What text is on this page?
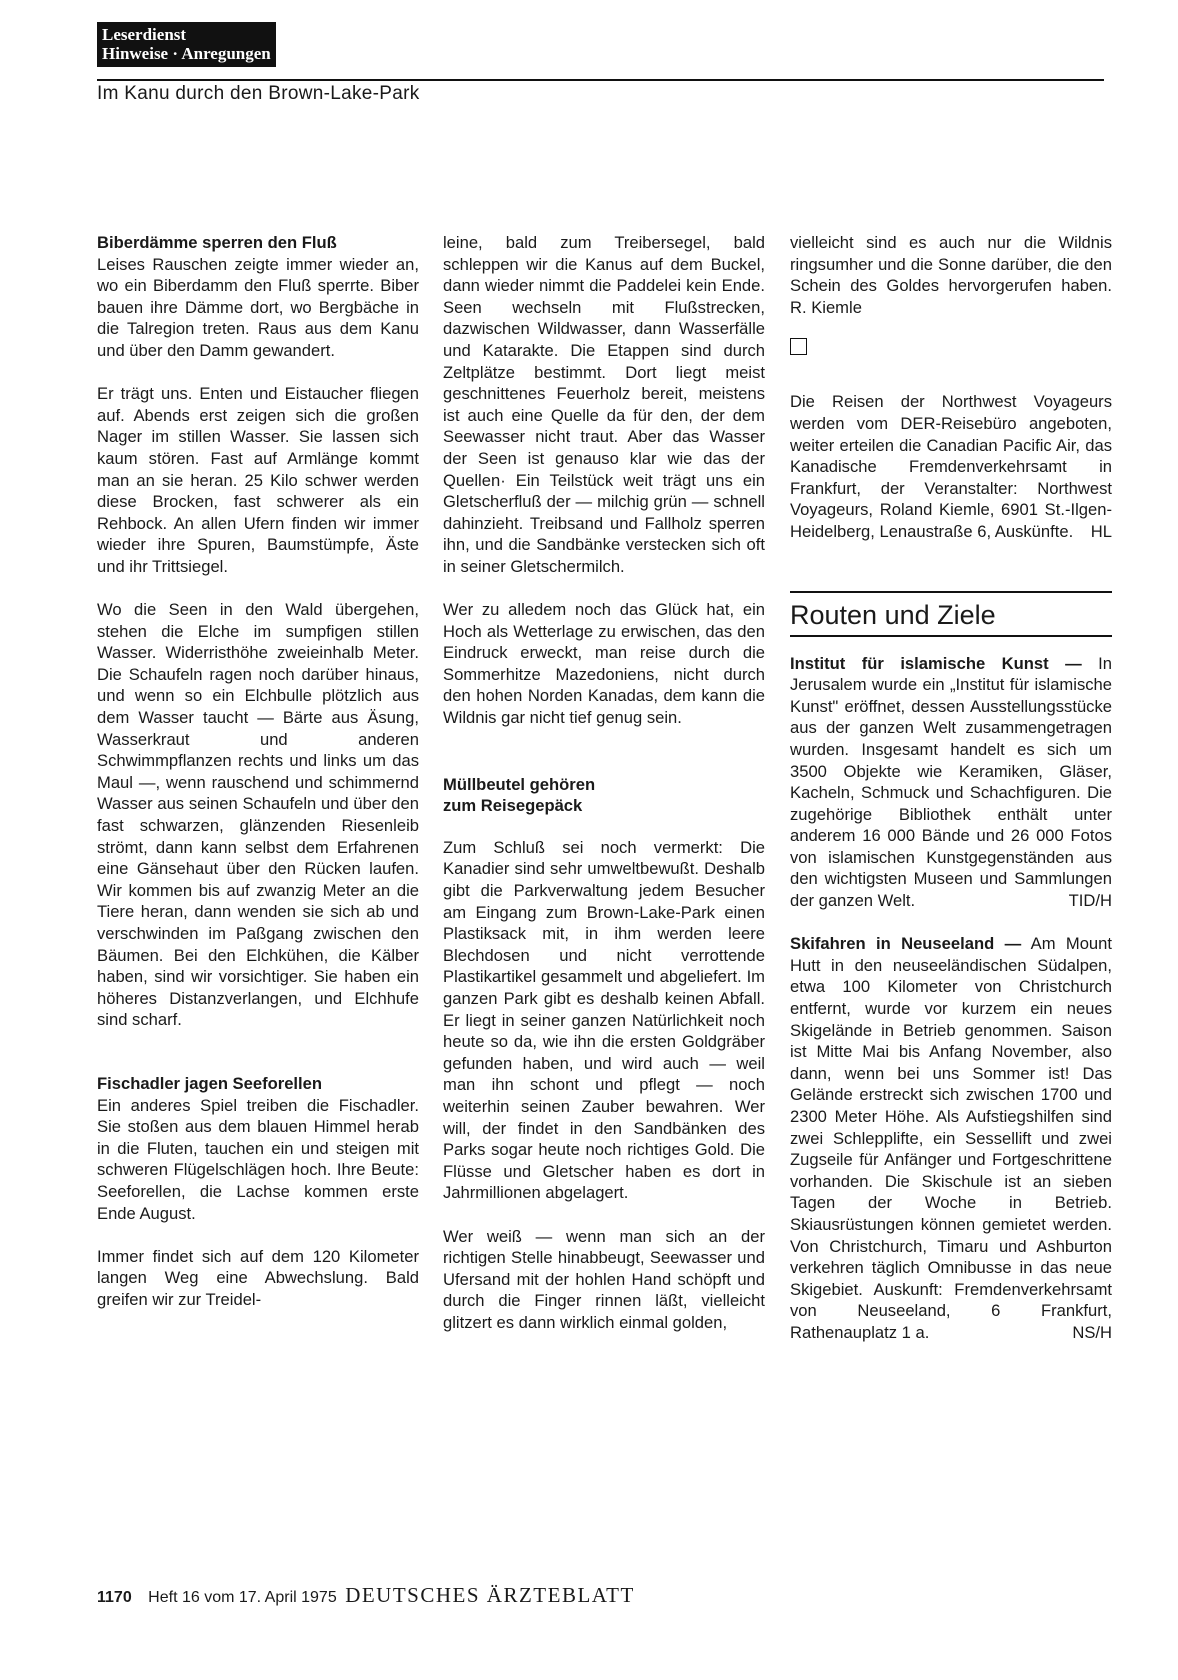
Leserdienst
Hinweise · Anregungen
Im Kanu durch den Brown-Lake-Park
Biberdämme sperren den Fluß

Leises Rauschen zeigte immer wieder an, wo ein Biberdamm den Fluß sperrte. Biber bauen ihre Dämme dort, wo Bergbäche in die Talregion treten. Raus aus dem Kanu und über den Damm gewandert.

Er trägt uns. Enten und Eistaucher fliegen auf. Abends erst zeigen sich die großen Nager im stillen Wasser. Sie lassen sich kaum stören. Fast auf Armlänge kommt man an sie heran. 25 Kilo schwer werden diese Brocken, fast schwerer als ein Rehbock. An allen Ufern finden wir immer wieder ihre Spuren, Baumstümpfe, Äste und ihr Trittsiegel.

Wo die Seen in den Wald übergehen, stehen die Elche im sumpfigen stillen Wasser. Widerristhöhe zweieinhalb Meter. Die Schaufeln ragen noch darüber hinaus, und wenn so ein Elchbulle plötzlich aus dem Wasser taucht — Bärte aus Äsung, Wasserkraut und anderen Schwimmpflanzen rechts und links um das Maul —, wenn rauschend und schimmernd Wasser aus seinen Schaufeln und über den fast schwarzen, glänzenden Riesenleib strömt, dann kann selbst dem Erfahrenen eine Gänsehaut über den Rücken laufen. Wir kommen bis auf zwanzig Meter an die Tiere heran, dann wenden sie sich ab und verschwinden im Paßgang zwischen den Bäumen. Bei den Elchkühen, die Kälber haben, sind wir vorsichtiger. Sie haben ein höheres Distanzverlangen, und Elchhufe sind scharf.

Fischadler jagen Seeforellen

Ein anderes Spiel treiben die Fischadler. Sie stoßen aus dem blauen Himmel herab in die Fluten, tauchen ein und steigen mit schweren Flügelschlägen hoch. Ihre Beute: Seeforellen, die Lachse kommen erste Ende August.

Immer findet sich auf dem 120 Kilometer langen Weg eine Abwechslung. Bald greifen wir zur Treidel-

leine, bald zum Treibersegel, bald schleppen wir die Kanus auf dem Buckel, dann wieder nimmt die Paddelei kein Ende. Seen wechseln mit Flußstrecken, dazwischen Wildwasser, dann Wasserfälle und Katarakte. Die Etappen sind durch Zeltplätze bestimmt. Dort liegt meist geschnittenes Feuerholz bereit, meistens ist auch eine Quelle da für den, der dem Seewasser nicht traut. Aber das Wasser der Seen ist genauso klar wie das der Quellen· Ein Teilstück weit trägt uns ein Gletscherfluß der — milchig grün — schnell dahinzieht. Treibsand und Fallholz sperren ihn, und die Sandbänke verstecken sich oft in seiner Gletschermilch.

Wer zu alledem noch das Glück hat, ein Hoch als Wetterlage zu erwischen, das den Eindruck erweckt, man reise durch die Sommerhitze Mazedoniens, nicht durch den hohen Norden Kanadas, dem kann die Wildnis gar nicht tief genug sein.

Müllbeutel gehören
zum Reisegepäck

Zum Schluß sei noch vermerkt: Die Kanadier sind sehr umweltbewußt. Deshalb gibt die Parkverwaltung jedem Besucher am Eingang zum Brown-Lake-Park einen Plastiksack mit, in ihm werden leere Blechdosen und nicht verrottende Plastikartikel gesammelt und abgeliefert. Im ganzen Park gibt es deshalb keinen Abfall. Er liegt in seiner ganzen Natürlichkeit noch heute so da, wie ihn die ersten Goldgräber gefunden haben, und wird auch — weil man ihn schont und pflegt — noch weiterhin seinen Zauber bewahren. Wer will, der findet in den Sandbänken des Parks sogar heute noch richtiges Gold. Die Flüsse und Gletscher haben es dort in Jahrmillionen abgelagert.

Wer weiß — wenn man sich an der richtigen Stelle hinabbeugt, Seewasser und Ufersand mit der hohlen Hand schöpft und durch die Finger rinnen läßt, vielleicht glitzert es dann wirklich einmal golden,

vielleicht sind es auch nur die Wildnis ringsumher und die Sonne darüber, die den Schein des Goldes hervorgerufen haben. R. Kiemle

Die Reisen der Northwest Voyageurs werden vom DER-Reisebüro angeboten, weiter erteilen die Canadian Pacific Air, das Kanadische Fremdenverkehrsamt in Frankfurt, der Veranstalter: Northwest Voyageurs, Roland Kiemle, 6901 St.-Ilgen-Heidelberg, Lenaustraße 6, Auskünfte. HL

Routen und Ziele

Institut für islamische Kunst — In Jerusalem wurde ein „Institut für islamische Kunst" eröffnet, dessen Ausstellungsstücke aus der ganzen Welt zusammengetragen wurden. Insgesamt handelt es sich um 3500 Objekte wie Keramiken, Gläser, Kacheln, Schmuck und Schachfiguren. Die zugehörige Bibliothek enthält unter anderem 16 000 Bände und 26 000 Fotos von islamischen Kunstgegenständen aus den wichtigsten Museen und Sammlungen der ganzen Welt.	TID/H

Skifahren in Neuseeland — Am Mount Hutt in den neuseeländischen Südalpen, etwa 100 Kilometer von Christchurch entfernt, wurde vor kurzem ein neues Skigelände in Betrieb genommen. Saison ist Mitte Mai bis Anfang November, also dann, wenn bei uns Sommer ist! Das Gelände erstreckt sich zwischen 1700 und 2300 Meter Höhe. Als Aufstiegshilfen sind zwei Schlepplifte, ein Sessellift und zwei Zugseile für Anfänger und Fortgeschrittene vorhanden. Die Skischule ist an sieben Tagen der Woche in Betrieb. Skiausrüstungen können gemietet werden. Von Christchurch, Timaru und Ashburton verkehren täglich Omnibusse in das neue Skigebiet. Auskunft: Fremdenverkehrsamt von Neuseeland, 6 Frankfurt, Rathenauplatz 1 a.	NS/H

1170 Heft 16 vom 17. April 1975 DEUTSCHES ÄRZTEBLATT
